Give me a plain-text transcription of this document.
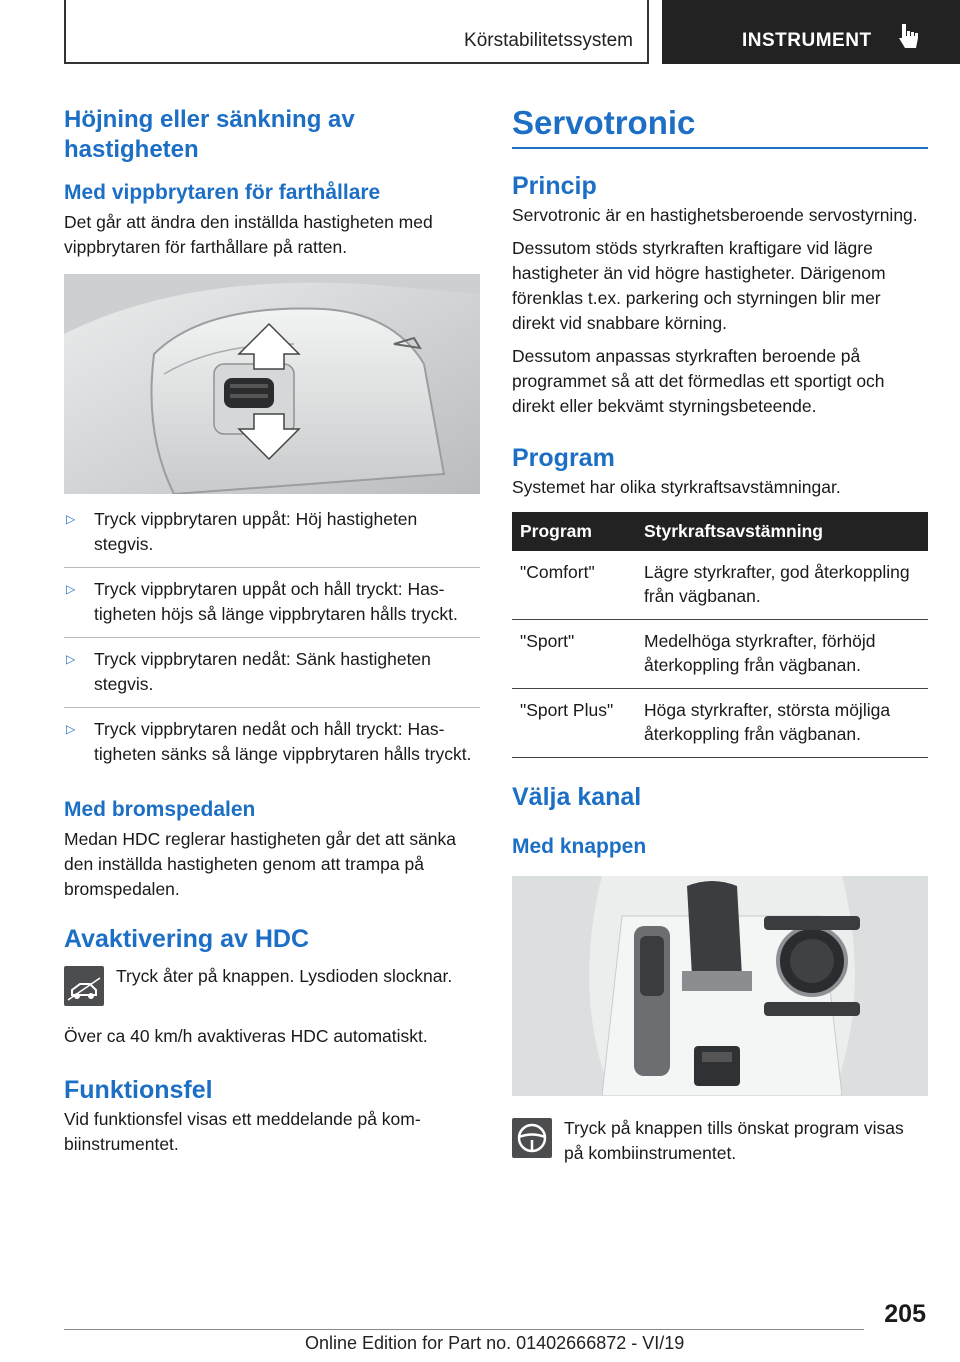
Körstabilitetssystem	INSTRUMENT
Höjning eller sänkning av hastigheten
Med vippbrytaren för farthållare

Det går att ändra den inställda hastigheten med vippbrytaren för farthållare på ratten.

▷ Tryck vippbrytaren uppåt: Höj hastigheten stegvis.
▷ Tryck vippbrytaren uppåt och håll tryckt: Hastigheten höjs så länge vippbrytaren hålls tryckt.
▷ Tryck vippbrytaren nedåt: Sänk hastigheten stegvis.
▷ Tryck vippbrytaren nedåt och håll tryckt: Hastigheten sänks så länge vippbrytaren hålls tryckt.
Med bromspedalen

Medan HDC reglerar hastigheten går det att sänka den inställda hastigheten genom att trampa på bromspedalen.

Avaktivering av HDC

Tryck åter på knappen. Lysdioden slocknar.

Över ca 40 km/h avaktiveras HDC automatiskt.

Funktionsfel

Vid funktionsfel visas ett meddelande på kombiinstrumentet.

Servotronic
Princip

Servotronic är en hastighetsberoende servostyrning.

Dessutom stöds styrkraften kraftigare vid lägre hastigheter än vid högre hastigheter. Därigenom förenklas t.ex. parkering och styrningen blir mer direkt vid snabbare körning.

Dessutom anpassas styrkraften beroende på programmet så att det förmedlas ett sportigt och direkt eller bekvämt styrningsbeteende.

Program

Systemet har olika styrkraftsavstämningar.

Program	Styrkraftsavstämning
"Comfort"	Lägre styrkrafter, god återkoppling från vägbanan.
"Sport"	Medelhöga styrkrafter, förhöjd återkoppling från vägbanan.
"Sport Plus"	Höga styrkrafter, största möjliga återkoppling från vägbanan.
Välja kanal
Med knappen

Tryck på knappen tills önskat program visas på kombiinstrumentet.

205
Online Edition for Part no. 01402666872 - VI/19
